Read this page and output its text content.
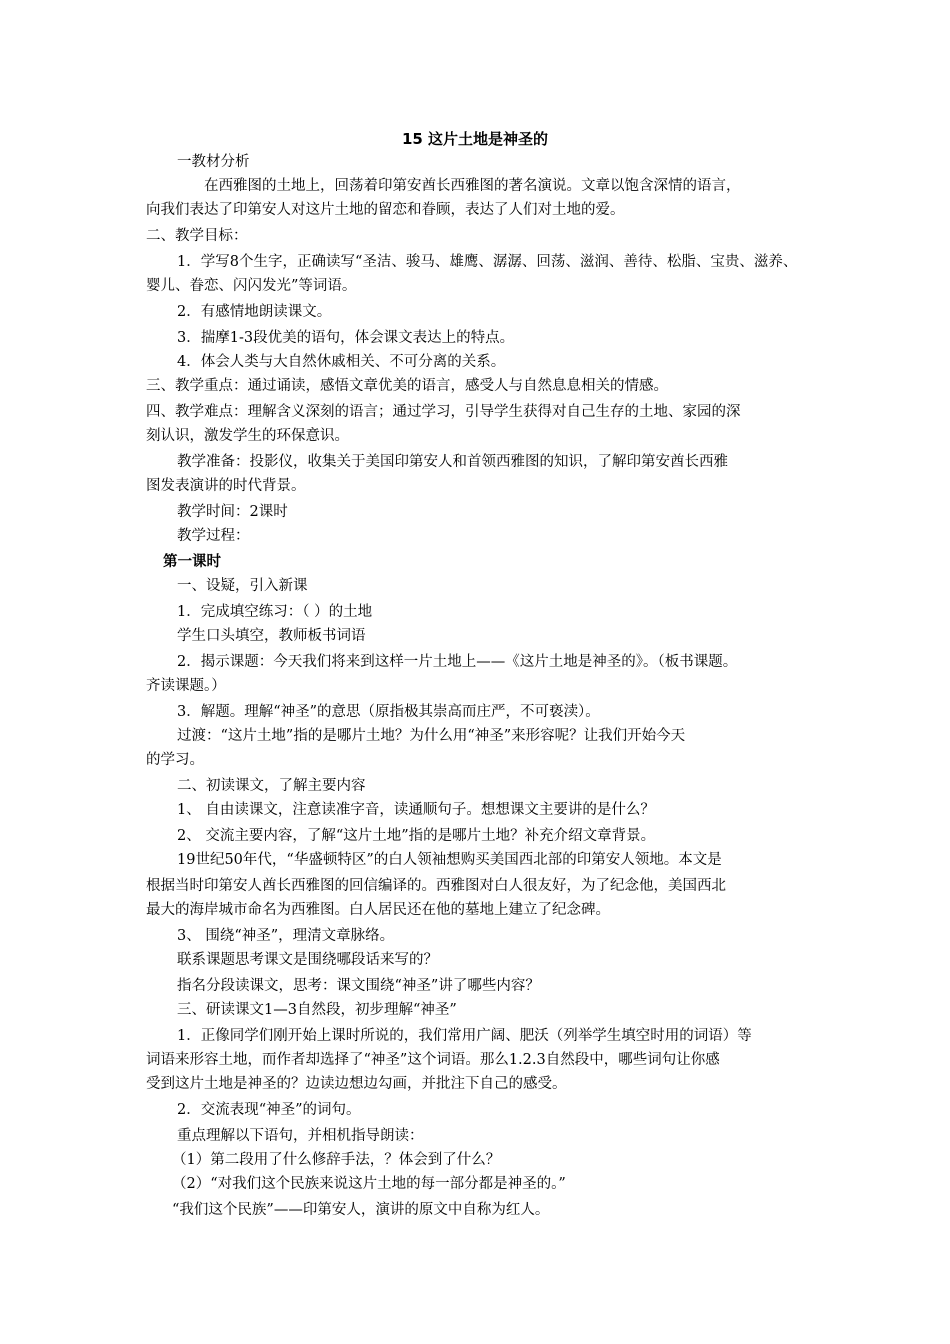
15 这片土地是神圣的
一教材分析
在西雅图的土地上，回荡着印第安酋长西雅图的著名演说。文章以饱含深情的语言，
向我们表达了印第安人对这片土地的留恋和眷顾，表达了人们对土地的爱。
二、教学目标：
1．学写8个生字，正确读写“圣洁、骏马、雄鹰、潺潺、回荡、滋润、善待、松脂、宝贵、滋养、
婴儿、眷恋、闪闪发光”等词语。
2．有感情地朗读课文。
3．揣摩1-3段优美的语句，体会课文表达上的特点。
4．体会人类与大自然休戚相关、不可分离的关系。
三、教学重点：通过诵读，感悟文章优美的语言，感受人与自然息息相关的情感。
四、教学难点：理解含义深刻的语言；通过学习，引导学生获得对自己生存的土地、家园的深
刻认识，激发学生的环保意识。
教学准备：投影仪，收集关于美国印第安人和首领西雅图的知识，了解印第安酋长西雅
图发表演讲的时代背景。
教学时间：2课时
教学过程：
第一课时
一、设疑，引入新课
1．完成填空练习：（ ）的土地
学生口头填空，教师板书词语
2．揭示课题：今天我们将来到这样一片土地上——《这片土地是神圣的》。（板书课题。
齐读课题。）
3．解题。理解“神圣”的意思（原指极其崇高而庄严，不可亵渎）。
过渡：“这片土地”指的是哪片土地？为什么用“神圣”来形容呢？让我们开始今天
的学习。
二、初读课文，了解主要内容
1、 自由读课文，注意读准字音，读通顺句子。想想课文主要讲的是什么？
2、 交流主要内容，了解“这片土地”指的是哪片土地？补充介绍文章背景。
19世纪50年代，“华盛顿特区”的白人领袖想购买美国西北部的印第安人领地。本文是
根据当时印第安人酋长西雅图的回信编译的。西雅图对白人很友好，为了纪念他，美国西北
最大的海岸城市命名为西雅图。白人居民还在他的墓地上建立了纪念碑。
3、 围绕“神圣”，理清文章脉络。
联系课题思考课文是围绕哪段话来写的？
指名分段读课文，思考：课文围绕“神圣”讲了哪些内容？
三、研读课文1—3自然段，初步理解“神圣”
1．正像同学们刚开始上课时所说的，我们常用广阔、肥沃（列举学生填空时用的词语）等
词语来形容土地，而作者却选择了“神圣”这个词语。那么1.2.3自然段中，哪些词句让你感
受到这片土地是神圣的？边读边想边勾画，并批注下自己的感受。
2．交流表现“神圣”的词句。
重点理解以下语句，并相机指导朗读：
（1）第二段用了什么修辞手法，？体会到了什么？
（2）“对我们这个民族来说这片土地的每一部分都是神圣的。”
“我们这个民族”——印第安人，演讲的原文中自称为红人。
